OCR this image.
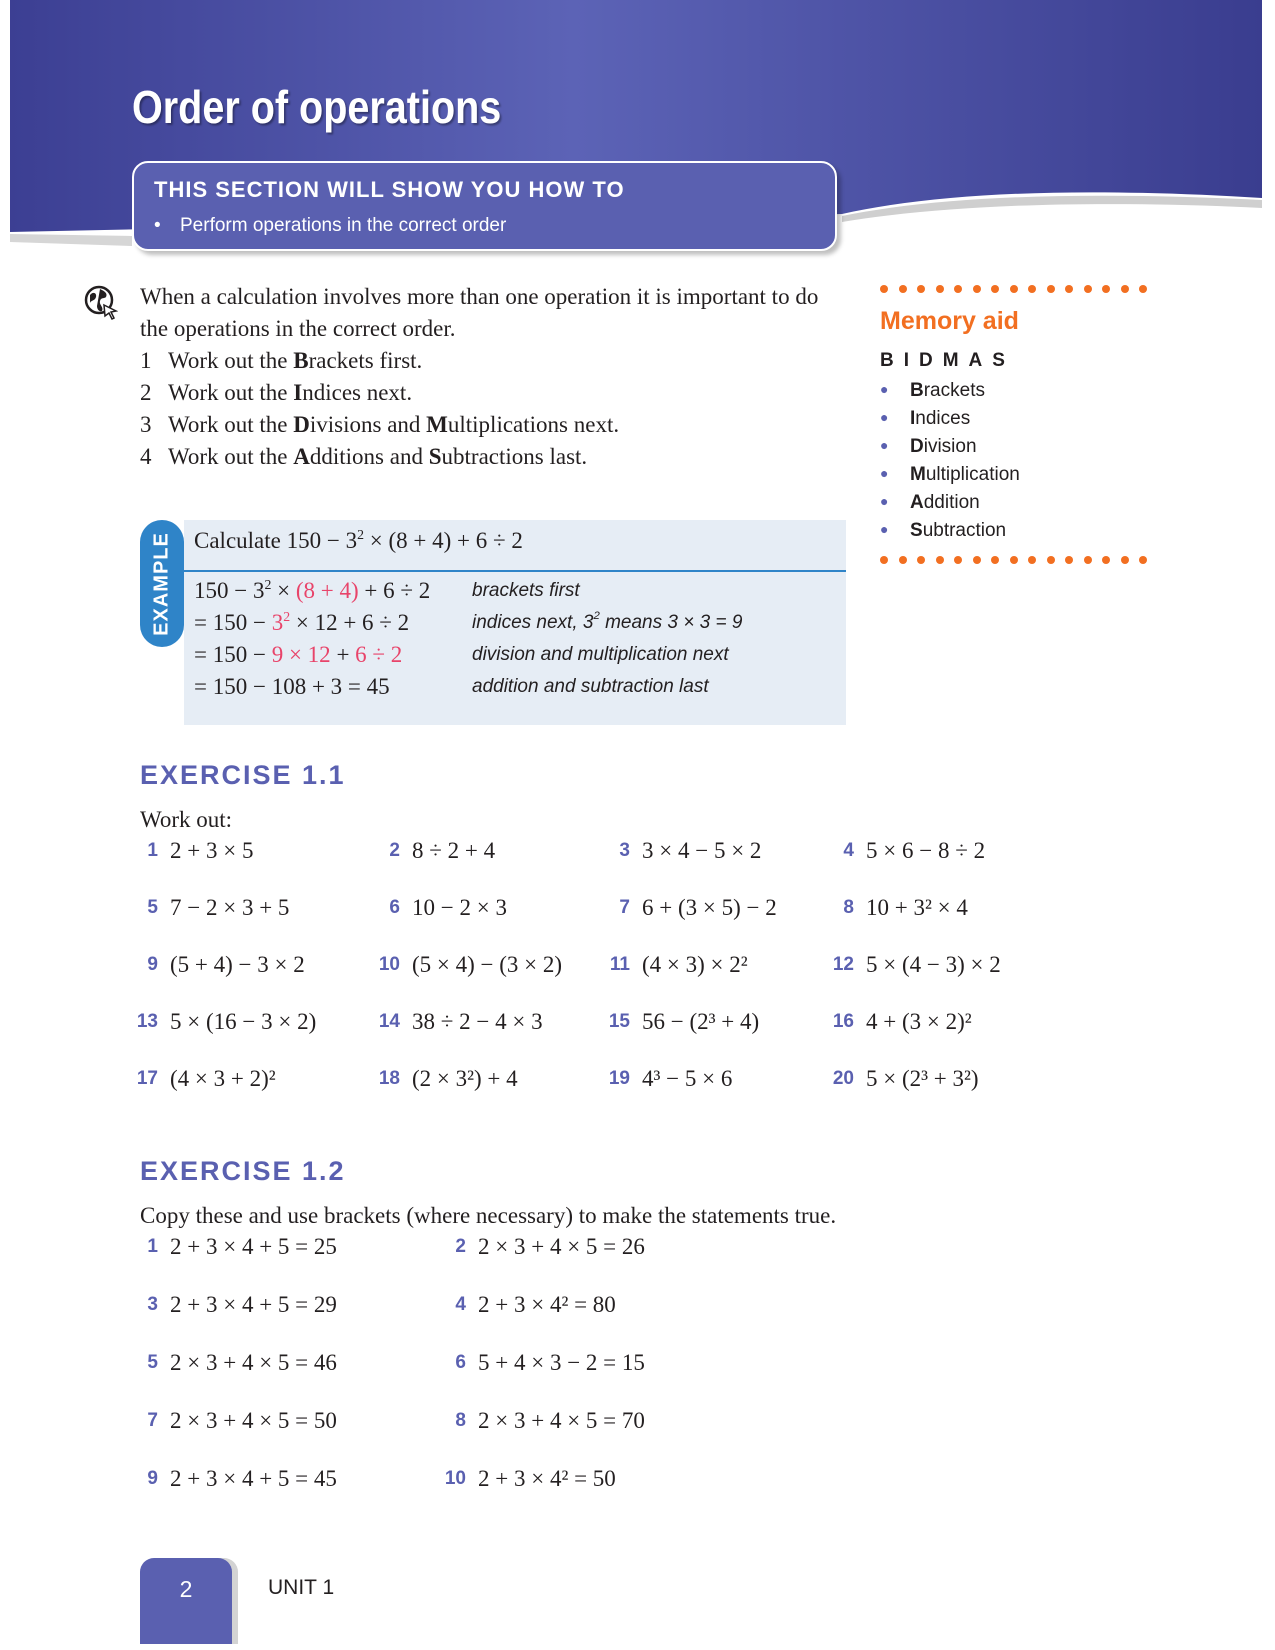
Order of operations
THIS SECTION WILL SHOW YOU HOW TO
• Perform operations in the correct order

When a calculation involves more than one operation it is important to do the operations in the correct order.

1 Work out the Brackets first.
2 Work out the Indices next.
3 Work out the Divisions and Multiplications next.
4 Work out the Additions and Subtractions last.
Memory aid
BIDMAS
● Brackets
● Indices
● Division
● Multiplication
● Addition
● Subtraction
Calculate $150 - 3^2 \times (8 + 4) + 6 \div 2$
$150 - 3^2 \times (8 + 4) + 6 \div 2$ brackets first
= $150 - 3^2 \times 12 + 6 \div 2$	indices next, $3^2$ means 3 × 3 = 9
= 150 − 9 × 12 + 6 ÷ 2	division and multiplication next
= 150 − 108 + 3 = 45	addition and subtraction last
EXAMPLE
EXERCISE 1.1
Work out:
1 2 + 3 × 5	2 8 ÷ 2 + 4	3 3 × 4 − 5 × 2	4 5 × 6 − 8 ÷ 2
5 7 − 2 × 3 + 5	6 10 − 2 × 3	7 6 + (3 × 5) − 2	8 10 + 3² × 4
9 (5 + 4) − 3 × 2	10 (5 × 4) − (3 × 2)	11 (4 × 3) × 2²	12 5 × (4 − 3) × 2
13 5 × (16 − 3 × 2)	14 38 ÷ 2 − 4 × 3	15 56 − (2³ + 4)	16 4 + (3 × 2)²
17 (4 × 3 + 2)²	18 (2 × 3²) + 4	19 4³ − 5 × 6	20 5 × (2³ + 3²)
EXERCISE 1.2
Copy these and use brackets (where necessary) to make the statements true.
1 2 + 3 × 4 + 5 = 25	2 2 × 3 + 4 × 5 = 26
3 2 + 3 × 4 + 5 = 29	4 2 + 3 × 4² = 80
5 2 × 3 + 4 × 5 = 46	6 5 + 4 × 3 − 2 = 15
7 2 × 3 + 4 × 5 = 50	8 2 × 3 + 4 × 5 = 70
9 2 + 3 × 4 + 5 = 45	10 2 + 3 × 4² = 50
2	UNIT 1
